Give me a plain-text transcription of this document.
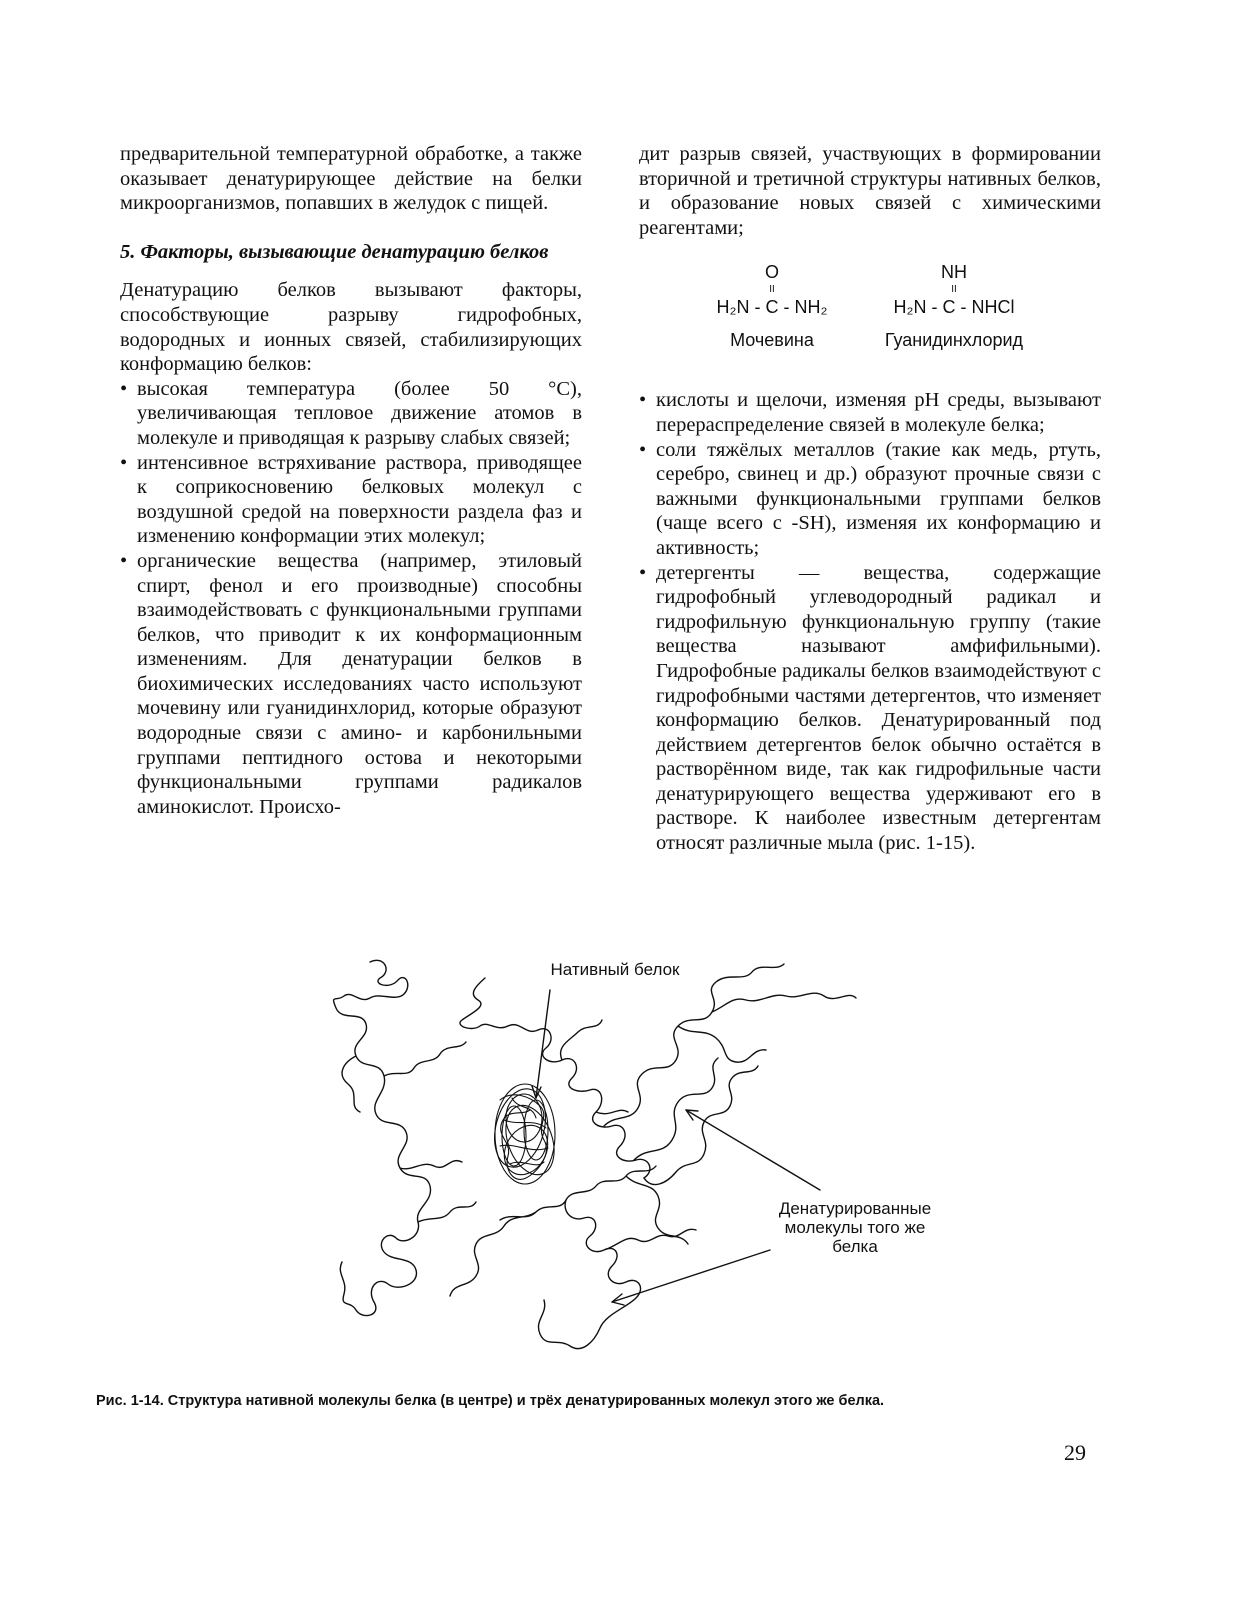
предварительной температурной обработке, а также оказывает денатурирующее действие на белки микроорганизмов, попавших в желудок с пищей.

5. Факторы, вызывающие денатурацию белков

Денатурацию белков вызывают факторы, способствующие разрыву гидрофобных, водородных и ионных связей, стабилизирующих конформацию белков:

• высокая температура (более 50 °С), увеличивающая тепловое движение атомов в молекуле и приводящая к разрыву слабых связей;
• интенсивное встряхивание раствора, приводящее к соприкосновению белковых молекул с воздушной средой на поверхности раздела фаз и изменению конформации этих молекул;
• органические вещества (например, этиловый спирт, фенол и его производные) способны взаимодействовать с функциональными группами белков, что приводит к их конформационным изменениям. Для денатурации белков в биохимических исследованиях часто используют мочевину или гуанидинхлорид, которые образуют водородные связи с амино- и карбонильными группами пептидного остова и некоторыми функциональными группами радикалов аминокислот. Происхо-

дит разрыв связей, участвующих в формировании вторичной и третичной структуры нативных белков, и образование новых связей с химическими реагентами;

O
II
H₂N - C - NH₂
Мочевина
NH
II
H₂N - C - NHCl
Гуанидинхлорид
• кислоты и щелочи, изменяя pH среды, вызывают перераспределение связей в молекуле белка;
• соли тяжёлых металлов (такие как медь, ртуть, серебро, свинец и др.) образуют прочные связи с важными функциональными группами белков (чаще всего с -SH), изменяя их конформацию и активность;
• детергенты — вещества, содержащие гидрофобный углеводородный радикал и гидрофильную функциональную группу (такие вещества называют амфифильными). Гидрофобные радикалы белков взаимодействуют с гидрофобными частями детергентов, что изменяет конформацию белков. Денатурированный под действием детергентов белок обычно остаётся в растворённом виде, так как гидрофильные части денатурирующего вещества удерживают его в растворе. К наиболее известным детергентам относят различные мыла (рис. 1-15).
Нативный белок
Денатурированные
молекулы того же
белка
Рис. 1-14. Структура нативной молекулы белка (в центре) и трёх денатурированных молекул этого же белка.
29
